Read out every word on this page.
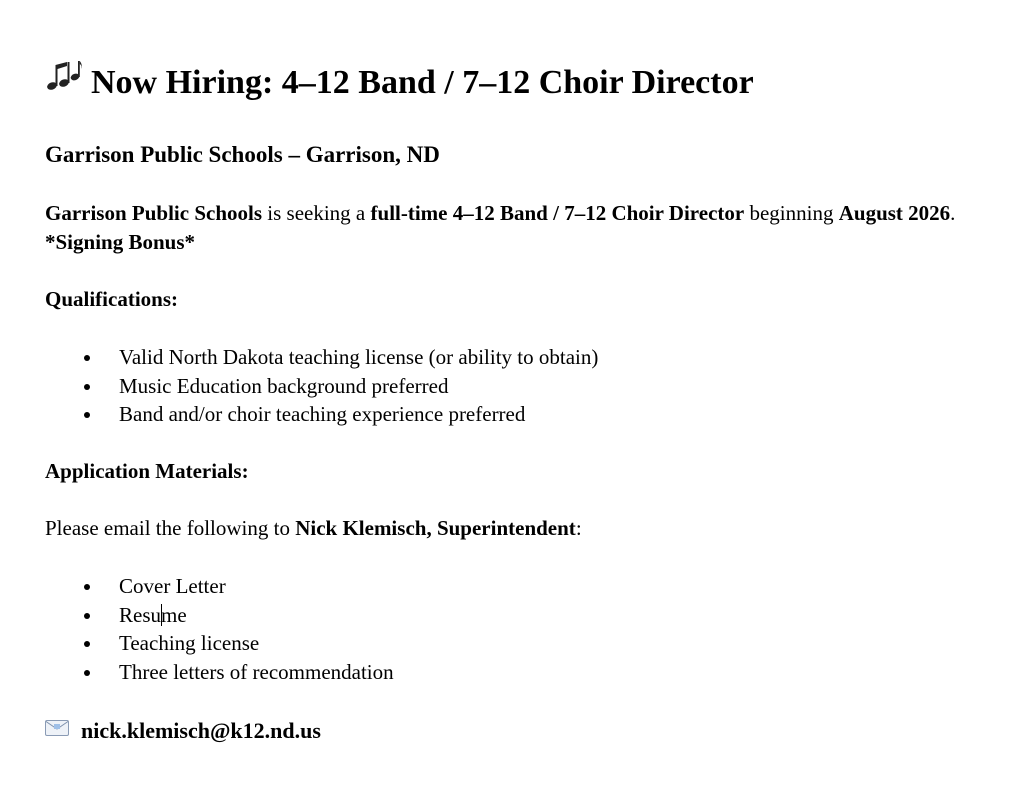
Now Hiring: 4–12 Band / 7–12 Choir Director
Garrison Public Schools – Garrison, ND

Garrison Public Schools is seeking a full-time 4–12 Band / 7–12 Choir Director beginning August 2026. *Signing Bonus*

Qualifications:
Valid North Dakota teaching license (or ability to obtain)
Music Education background preferred
Band and/or choir teaching experience preferred
Application Materials:

Please email the following to Nick Klemisch, Superintendent:

Cover Letter
Resume
Teaching license
Three letters of recommendation
nick.klemisch@k12.nd.us
